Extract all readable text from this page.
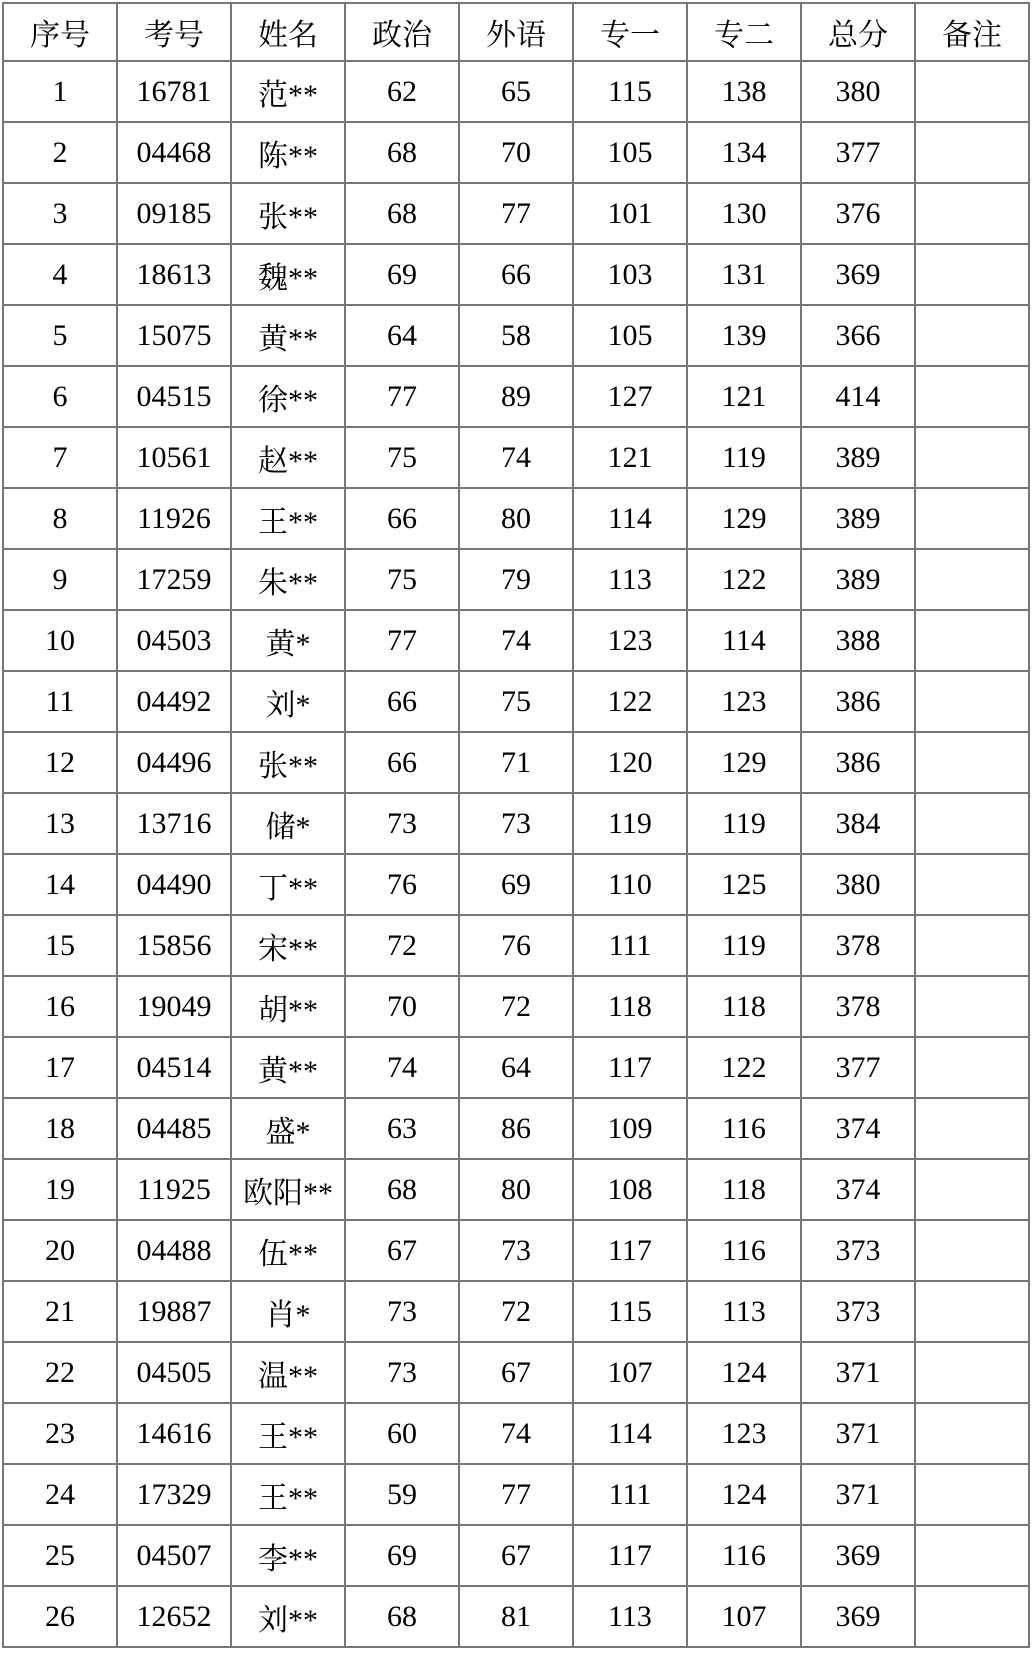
序号	考号	姓名	政治	外语	专一	专二	总分	备注
1	16781	范**	62	65	115	138	380	
2	04468	陈**	68	70	105	134	377	
3	09185	张**	68	77	101	130	376	
4	18613	魏**	69	66	103	131	369	
5	15075	黄**	64	58	105	139	366	
6	04515	徐**	77	89	127	121	414	
7	10561	赵**	75	74	121	119	389	
8	11926	王**	66	80	114	129	389	
9	17259	朱**	75	79	113	122	389	
10	04503	黄*	77	74	123	114	388	
11	04492	刘*	66	75	122	123	386	
12	04496	张**	66	71	120	129	386	
13	13716	储*	73	73	119	119	384	
14	04490	丁**	76	69	110	125	380	
15	15856	宋**	72	76	111	119	378	
16	19049	胡**	70	72	118	118	378	
17	04514	黄**	74	64	117	122	377	
18	04485	盛*	63	86	109	116	374	
19	11925	欧阳**	68	80	108	118	374	
20	04488	伍**	67	73	117	116	373	
21	19887	肖*	73	72	115	113	373	
22	04505	温**	73	67	107	124	371	
23	14616	王**	60	74	114	123	371	
24	17329	王**	59	77	111	124	371	
25	04507	李**	69	67	117	116	369	
26	12652	刘**	68	81	113	107	369	
